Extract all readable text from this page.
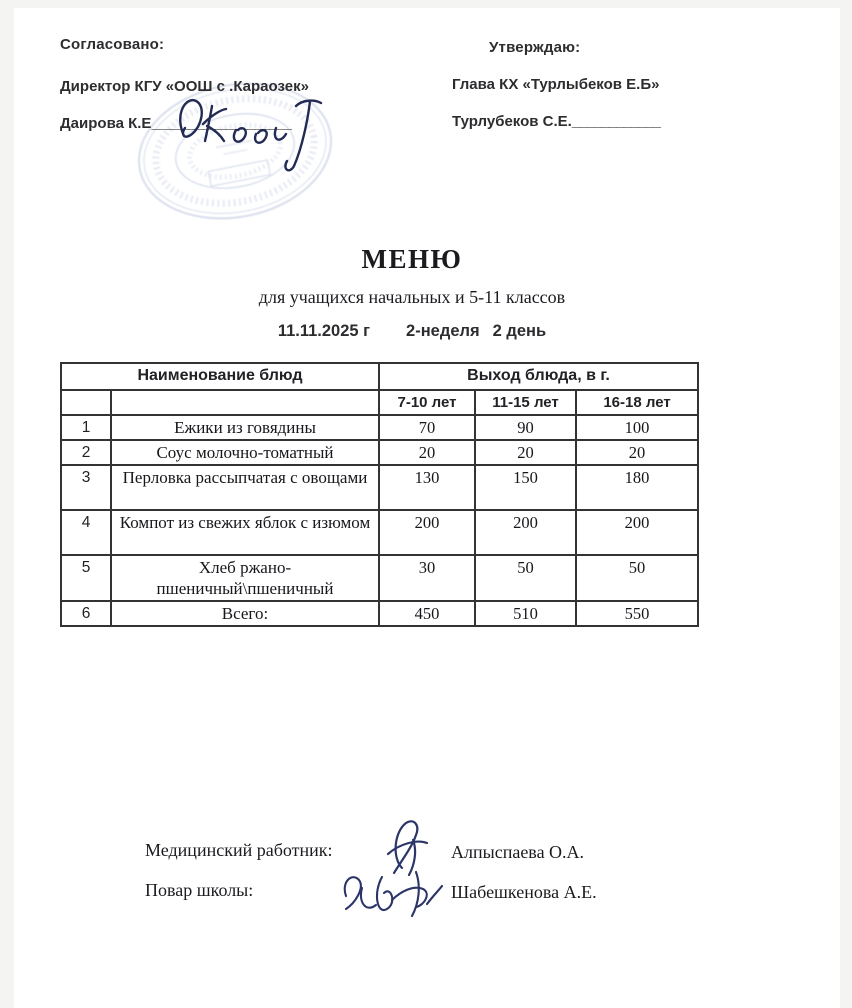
Согласовано:
Директор КГУ «ООШ с .Караозек»
Даирова К.Е___________________
Утверждаю:
Глава КХ «Турлыбеков Е.Б»
Турлубеков С.Е.____________
МЕНЮ
для учащихся начальных и 5-11 классов
11.11.2025 г 2-неделя 2 день
Наименование блюд		Выход блюда, в г.		
		7-10 лет	11-15 лет	16-18 лет
1	Ежики из говядины	70	90	100
2	Соус молочно-томатный	20	20	20
3	Перловка рассыпчатая с овощами	130	150	180
4	Компот из свежих яблок с изюмом	200	200	200
5	Хлеб ржано-пшеничный\пшеничный	30	50	50
6	Всего:	450	510	550
Медицинский работник:	Алпыспаева О.А.
Повар школы:	Шабешкенова А.Е.
